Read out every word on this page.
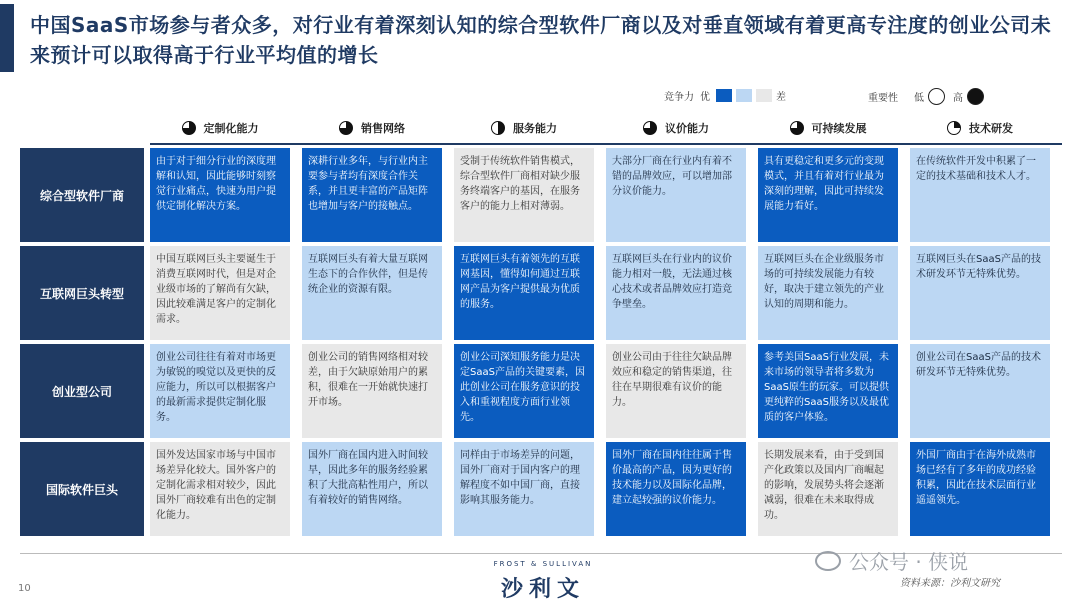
中国SaaS市场参与者众多，对行业有着深刻认知的综合型软件厂商以及对垂直领域有着更高专注度的创业公司未来预计可以取得高于行业平均值的增长
竞争力 优	差	重要性 低	高
定制化能力	销售网络	服务能力	议价能力	可持续发展	技术研发
综合型软件厂商
由于对于细分行业的深度理解和认知，因此能够时刻察觉行业痛点，快速为用户提供定制化解决方案。
深耕行业多年，与行业内主要参与者均有深度合作关系，并且更丰富的产品矩阵也增加与客户的接触点。
受制于传统软件销售模式，综合型软件厂商相对缺少服务终端客户的基因，在服务客户的能力上相对薄弱。
大部分厂商在行业内有着不错的品牌效应，可以增加部分议价能力。
具有更稳定和更多元的变现模式，并且有着对行业最为深刻的理解，因此可持续发展能力看好。
在传统软件开发中积累了一定的技术基础和技术人才。
互联网巨头转型
中国互联网巨头主要诞生于消费互联网时代，但是对企业级市场的了解尚有欠缺，因此较难满足客户的定制化需求。
互联网巨头有着大量互联网生态下的合作伙伴，但是传统企业的资源有限。
互联网巨头有着领先的互联网基因，懂得如何通过互联网产品为客户提供最为优质的服务。
互联网巨头在行业内的议价能力相对一般，无法通过核心技术或者品牌效应打造竞争壁垒。
互联网巨头在企业级服务市场的可持续发展能力有较好，取决于建立领先的产业认知的周期和能力。
互联网巨头在SaaS产品的技术研发环节无特殊优势。
创业型公司
创业公司往往有着对市场更为敏锐的嗅觉以及更快的反应能力，所以可以根据客户的最新需求提供定制化服务。
创业公司的销售网络相对较差，由于欠缺原始用户的累积，很难在一开始就快速打开市场。
创业公司深知服务能力是决定SaaS产品的关键要素，因此创业公司在服务意识的投入和重视程度方面行业领先。
创业公司由于往往欠缺品牌效应和稳定的销售渠道，往往在早期很难有议价的能力。
参考美国SaaS行业发展，未来市场的领导者将多数为SaaS原生的玩家。可以提供更纯粹的SaaS服务以及最优质的客户体验。
创业公司在SaaS产品的技术研发环节无特殊优势。
国际软件巨头
国外发达国家市场与中国市场差异化较大。国外客户的定制化需求相对较少，因此国外厂商较难有出色的定制化能力。
国外厂商在国内进入时间较早，因此多年的服务经验累积了大批高粘性用户，所以有着较好的销售网络。
同样由于市场差异的问题，国外厂商对于国内客户的理解程度不如中国厂商，直接影响其服务能力。
国外厂商在国内往往属于售价最高的产品，因为更好的技术能力以及国际化品牌，建立起较强的议价能力。
长期发展来看，由于受到国产化政策以及国内厂商崛起的影响，发展势头将会逐渐减弱，很难在未来取得成功。
外国厂商由于在海外成熟市场已经有了多年的成功经验积累，因此在技术层面行业遥遥领先。
10
FROST & SULLIVAN
沙利文
公众号 · 侠说
资料来源：沙利文研究
